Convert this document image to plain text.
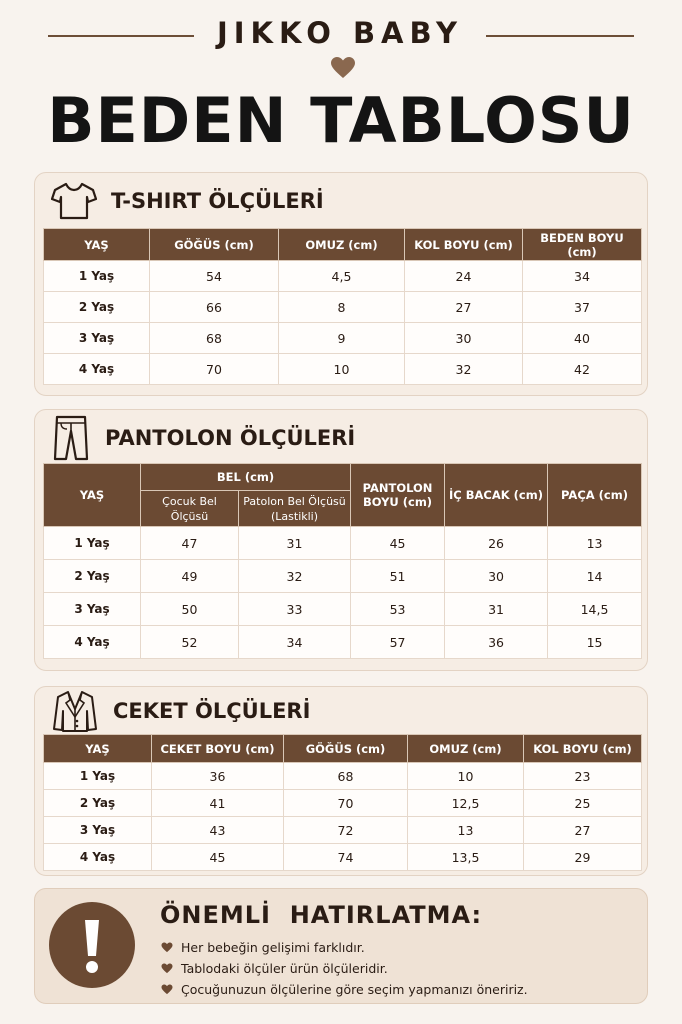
JIKKO BABY
BEDEN TABLOSU
T-SHIRT ÖLÇÜLERİ
YAŞ	GÖĞÜS (cm)	OMUZ (cm)	KOL BOYU (cm)	BEDEN BOYU (cm)
1 Yaş	54	4,5	24	34
2 Yaş	66	8	27	37
3 Yaş	68	9	30	40
4 Yaş	70	10	32	42
PANTOLON ÖLÇÜLERİ
YAŞ	BEL (cm)		PANTOLON BOYU (cm)	İÇ BACAK (cm)	PAÇA (cm)
	Çocuk Bel Ölçüsü	Patolon Bel Ölçüsü (Lastikli)			
1 Yaş	47	31	45	26	13
2 Yaş	49	32	51	30	14
3 Yaş	50	33	53	31	14,5
4 Yaş	52	34	57	36	15
CEKET ÖLÇÜLERİ
YAŞ	CEKET BOYU (cm)	GÖĞÜS (cm)	OMUZ (cm)	KOL BOYU (cm)
1 Yaş	36	68	10	23
2 Yaş	41	70	12,5	25
3 Yaş	43	72	13	27
4 Yaş	45	74	13,5	29
ÖNEMLİ  HATIRLATMA:
Her bebeğin gelişimi farklıdır.
Tablodaki ölçüler ürün ölçüleridir.
Çocuğunuzun ölçülerine göre seçim yapmanızı öneririz.
